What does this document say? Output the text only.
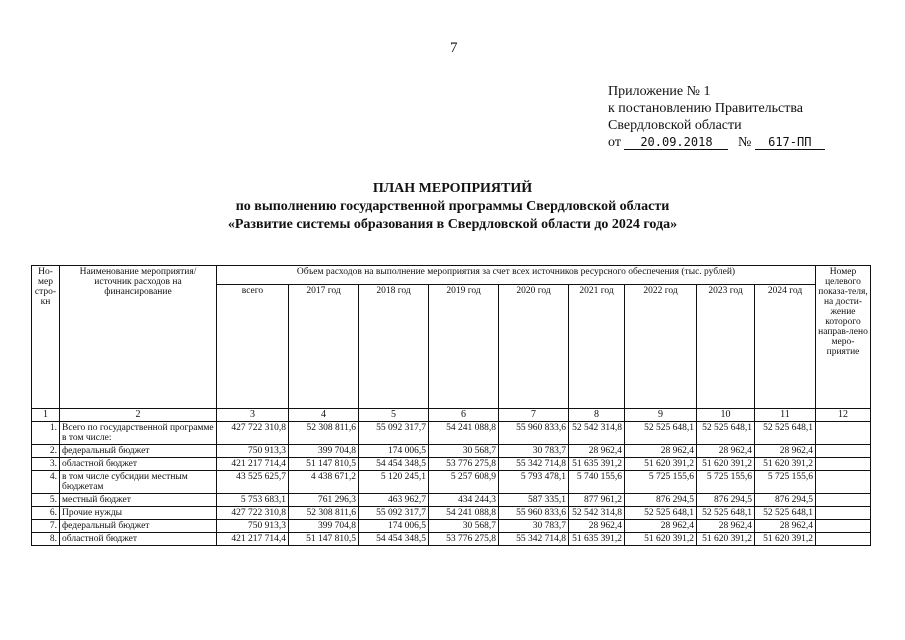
7
Приложение № 1
к постановлению Правительства
Свердловской области
от 20.09.2018 № 617-ПП
ПЛАН МЕРОПРИЯТИЙ
по выполнению государственной программы Свердловской области
«Развитие системы образования в Свердловской области до 2024 года»
Но-мер стро-кн	Наименование мероприятия/ источник расходов на финансирование	Объем расходов на выполнение мероприятия за счет всех источников ресурсного обеспечения (тыс. рублей)									Номер целевого показа-теля, на дости-жение которого направ-лено меро-приятие
		всего	2017 год	2018 год	2019 год	2020 год	2021 год	2022 год	2023 год	2024 год	
1	2	3	4	5	6	7	8	9	10	11	12
1.	Всего по государственной программе в том числе:	427 722 310,8	52 308 811,6	55 092 317,7	54 241 088,8	55 960 833,6	52 542 314,8	52 525 648,1	52 525 648,1	52 525 648,1	
2.	федеральный бюджет	750 913,3	399 704,8	174 006,5	30 568,7	30 783,7	28 962,4	28 962,4	28 962,4	28 962,4	
3.	областной бюджет	421 217 714,4	51 147 810,5	54 454 348,5	53 776 275,8	55 342 714,8	51 635 391,2	51 620 391,2	51 620 391,2	51 620 391,2	
4.	в том числе субсидии местным бюджетам	43 525 625,7	4 438 671,2	5 120 245,1	5 257 608,9	5 793 478,1	5 740 155,6	5 725 155,6	5 725 155,6	5 725 155,6	
5.	местный бюджет	5 753 683,1	761 296,3	463 962,7	434 244,3	587 335,1	877 961,2	876 294,5	876 294,5	876 294,5	
6.	Прочие нужды	427 722 310,8	52 308 811,6	55 092 317,7	54 241 088,8	55 960 833,6	52 542 314,8	52 525 648,1	52 525 648,1	52 525 648,1	
7.	федеральный бюджет	750 913,3	399 704,8	174 006,5	30 568,7	30 783,7	28 962,4	28 962,4	28 962,4	28 962,4	
8.	областной бюджет	421 217 714,4	51 147 810,5	54 454 348,5	53 776 275,8	55 342 714,8	51 635 391,2	51 620 391,2	51 620 391,2	51 620 391,2	
